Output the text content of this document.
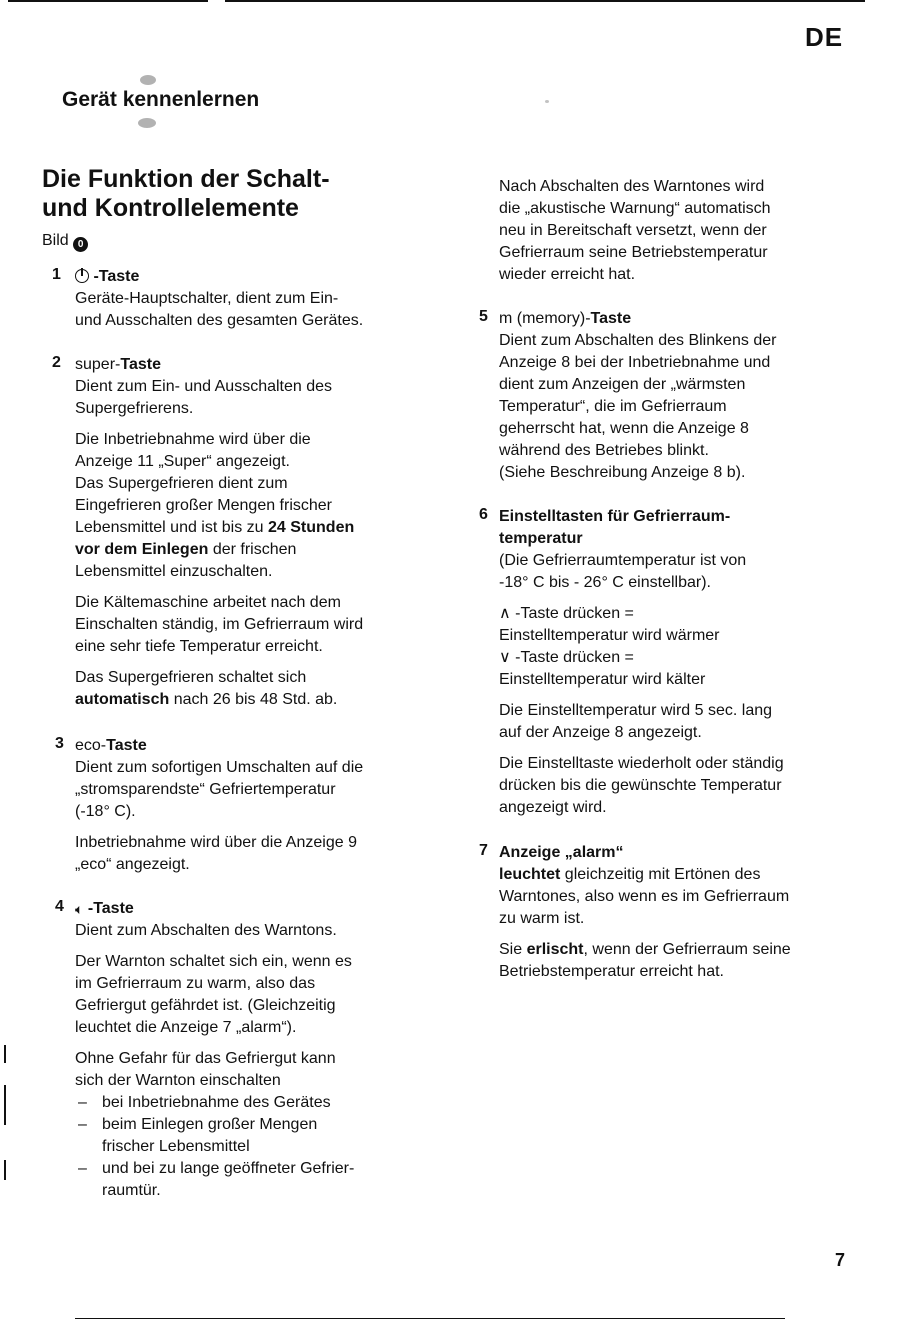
DE
Gerät kennenlernen
Die Funktion der Schalt-
und Kontrollelemente
Bild 0
1	-Taste
Geräte-Hauptschalter, dient zum Ein-
und Ausschalten des gesamten Gerätes.
2 super-Taste
Dient zum Ein- und Ausschalten des
Supergefrierens.
Die Inbetriebnahme wird über die
Anzeige 11 „Super“ angezeigt.
Das Supergefrieren dient zum
Eingefrieren großer Mengen frischer
Lebensmittel und ist bis zu 24 Stunden
vor dem Einlegen der frischen
Lebensmittel einzuschalten.
Die Kältemaschine arbeitet nach dem
Einschalten ständig, im Gefrierraum wird
eine sehr tiefe Temperatur erreicht.
Das Supergefrieren schaltet sich
automatisch nach 26 bis 48 Std. ab.
3 eco-Taste
Dient zum sofortigen Umschalten auf die
„stromsparendste“ Gefriertemperatur
(-18° C).
Inbetriebnahme wird über die Anzeige 9
„eco“ angezeigt.
4 🔈︎ -Taste
Dient zum Abschalten des Warntons.
Der Warnton schaltet sich ein, wenn es
im Gefrierraum zu warm, also das
Gefriergut gefährdet ist. (Gleichzeitig
leuchtet die Anzeige 7 „alarm“).
Ohne Gefahr für das Gefriergut kann
sich der Warnton einschalten
– bei Inbetriebnahme des Gerätes
– beim Einlegen großer Mengen
frischer Lebensmittel
– und bei zu lange geöffneter Gefrier-
raumtür.
Nach Abschalten des Warntones wird
die „akustische Warnung“ automatisch
neu in Bereitschaft versetzt, wenn der
Gefrierraum seine Betriebstemperatur
wieder erreicht hat.
5 m (memory)-Taste
Dient zum Abschalten des Blinkens der
Anzeige 8 bei der Inbetriebnahme und
dient zum Anzeigen der „wärmsten
Temperatur“, die im Gefrierraum
geherrscht hat, wenn die Anzeige 8
während des Betriebes blinkt.
(Siehe Beschreibung Anzeige 8 b).
6 Einstelltasten für Gefrierraum-
temperatur
(Die Gefrierraumtemperatur ist von
-18° C bis - 26° C einstellbar).
∧ -Taste drücken =
Einstelltemperatur wird wärmer
∨ -Taste drücken =
Einstelltemperatur wird kälter
Die Einstelltemperatur wird 5 sec. lang
auf der Anzeige 8 angezeigt.
Die Einstelltaste wiederholt oder ständig
drücken bis die gewünschte Temperatur
angezeigt wird.
7 Anzeige „alarm“
leuchtet gleichzeitig mit Ertönen des
Warntones, also wenn es im Gefrierraum
zu warm ist.
Sie erlischt, wenn der Gefrierraum seine
Betriebstemperatur erreicht hat.
7
